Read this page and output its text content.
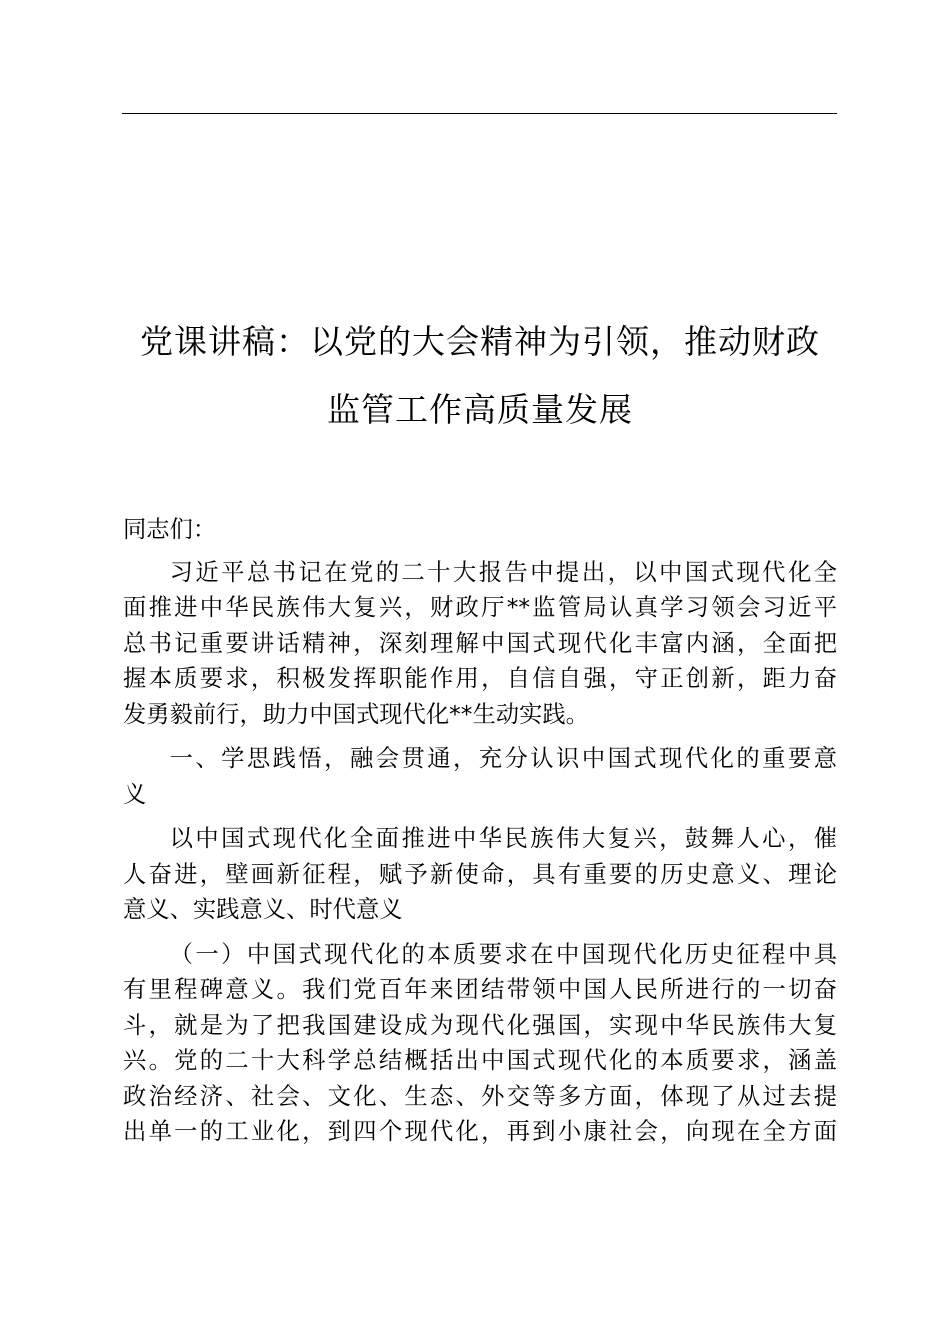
党课讲稿：以党的大会精神为引领，推动财政
监管工作高质量发展

同志们：

习近平总书记在党的二十大报告中提出，以中国式现代化全
面推进中华民族伟大复兴，财政厅**监管局认真学习领会习近平
总书记重要讲话精神，深刻理解中国式现代化丰富内涵，全面把
握本质要求，积极发挥职能作用，自信自强，守正创新，距力奋
发勇毅前行，助力中国式现代化**生动实践。

一、学思践悟，融会贯通，充分认识中国式现代化的重要意
义

以中国式现代化全面推进中华民族伟大复兴，鼓舞人心，催
人奋进，壁画新征程，赋予新使命，具有重要的历史意义、理论
意义、实践意义、时代意义

（一）中国式现代化的本质要求在中国现代化历史征程中具
有里程碑意义。我们党百年来团结带领中国人民所进行的一切奋
斗，就是为了把我国建设成为现代化强国，实现中华民族伟大复
兴。党的二十大科学总结概括出中国式现代化的本质要求，涵盖
政治经济、社会、文化、生态、外交等多方面，体现了从过去提
出单一的工业化，到四个现代化，再到小康社会，向现在全方面
